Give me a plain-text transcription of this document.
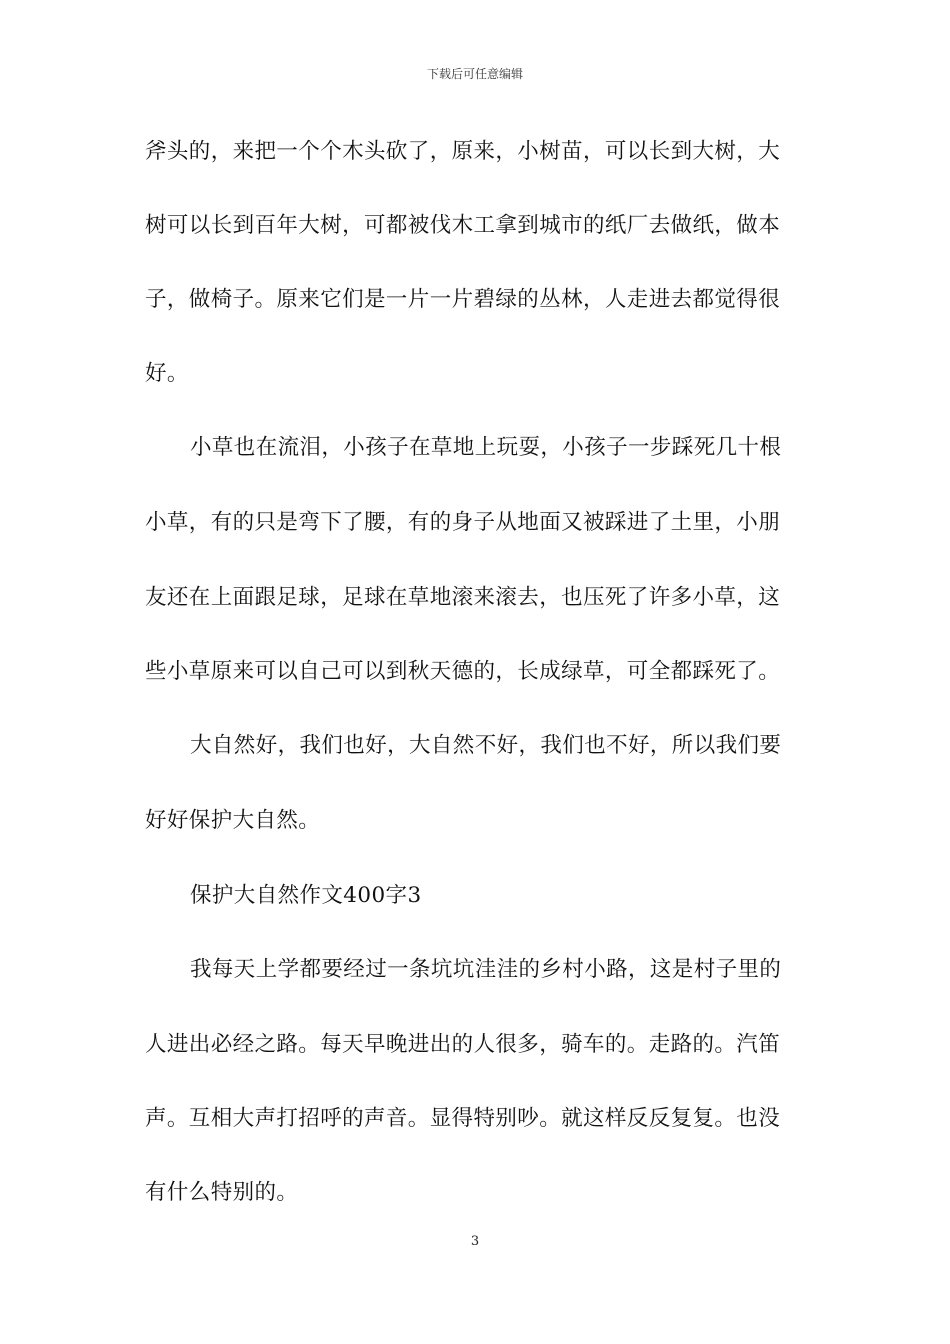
下载后可任意编辑
斧头的，来把一个个木头砍了，原来，小树苗，可以长到大树，大
树可以长到百年大树，可都被伐木工拿到城市的纸厂去做纸，做本
子，做椅子。原来它们是一片一片碧绿的丛林，人走进去都觉得很
好。
小草也在流泪，小孩子在草地上玩耍，小孩子一步踩死几十根
小草，有的只是弯下了腰，有的身子从地面又被踩进了土里，小朋
友还在上面跟足球，足球在草地滚来滚去，也压死了许多小草，这
些小草原来可以自己可以到秋天德的，长成绿草，可全都踩死了。
大自然好，我们也好，大自然不好，我们也不好，所以我们要
好好保护大自然。
保护大自然作文400字3
我每天上学都要经过一条坑坑洼洼的乡村小路，这是村子里的
人进出必经之路。每天早晚进出的人很多，骑车的。走路的。汽笛
声。互相大声打招呼的声音。显得特别吵。就这样反反复复。也没
有什么特别的。
3
